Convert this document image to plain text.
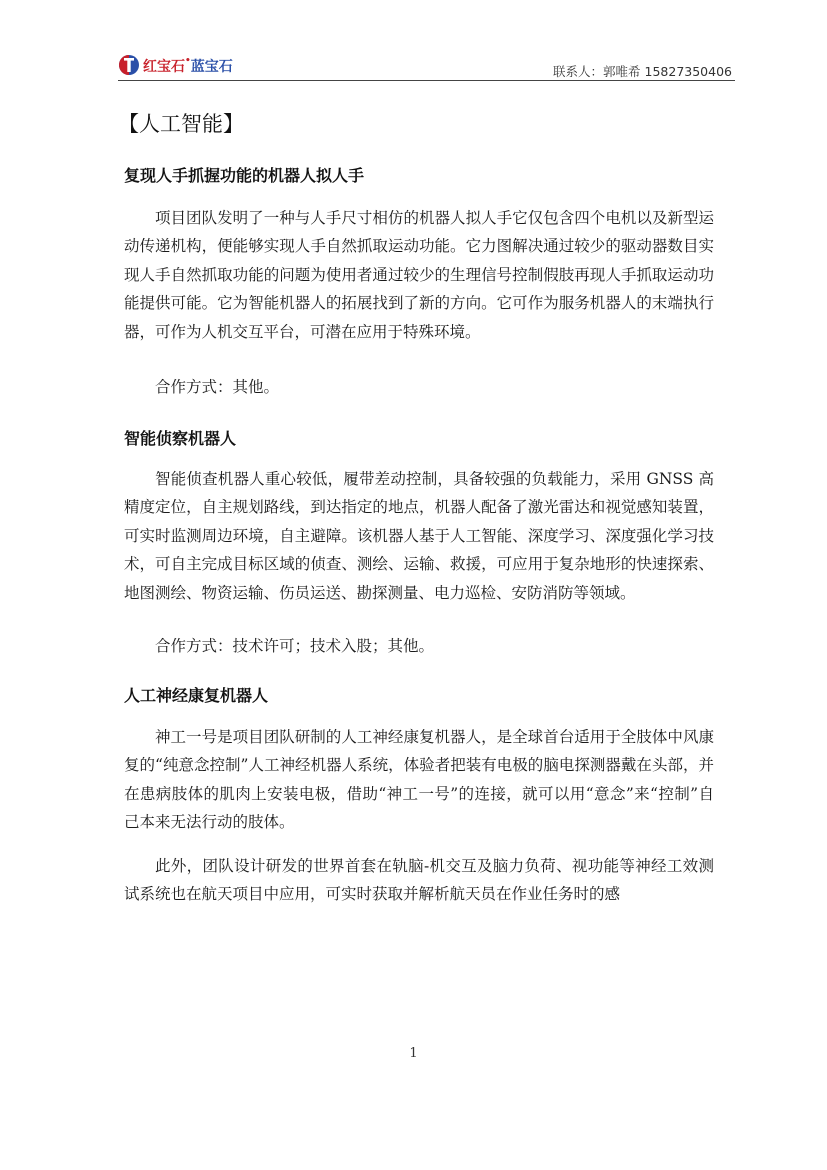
红宝石•蓝宝石	联系人：郭唯希 15827350406
【人工智能】
复现人手抓握功能的机器人拟人手

项目团队发明了一种与人手尺寸相仿的机器人拟人手它仅包含四个电机以及新型运动传递机构，便能够实现人手自然抓取运动功能。它力图解决通过较少的驱动器数目实现人手自然抓取功能的问题为使用者通过较少的生理信号控制假肢再现人手抓取运动功能提供可能。它为智能机器人的拓展找到了新的方向。它可作为服务机器人的末端执行器，可作为人机交互平台，可潜在应用于特殊环境。

合作方式：其他。

智能侦察机器人

智能侦查机器人重心较低，履带差动控制，具备较强的负载能力，采用 GNSS 高精度定位，自主规划路线，到达指定的地点，机器人配备了激光雷达和视觉感知装置，可实时监测周边环境，自主避障。该机器人基于人工智能、深度学习、深度强化学习技术，可自主完成目标区域的侦查、测绘、运输、救援，可应用于复杂地形的快速探索、地图测绘、物资运输、伤员运送、勘探测量、电力巡检、安防消防等领域。

合作方式：技术许可；技术入股；其他。

人工神经康复机器人

神工一号是项目团队研制的人工神经康复机器人，是全球首台适用于全肢体中风康复的“纯意念控制”人工神经机器人系统，体验者把装有电极的脑电探测器戴在头部，并在患病肢体的肌肉上安装电极，借助“神工一号”的连接，就可以用“意念”来“控制”自己本来无法行动的肢体。

此外，团队设计研发的世界首套在轨脑-机交互及脑力负荷、视功能等神经工效测试系统也在航天项目中应用，可实时获取并解析航天员在作业任务时的感

1
